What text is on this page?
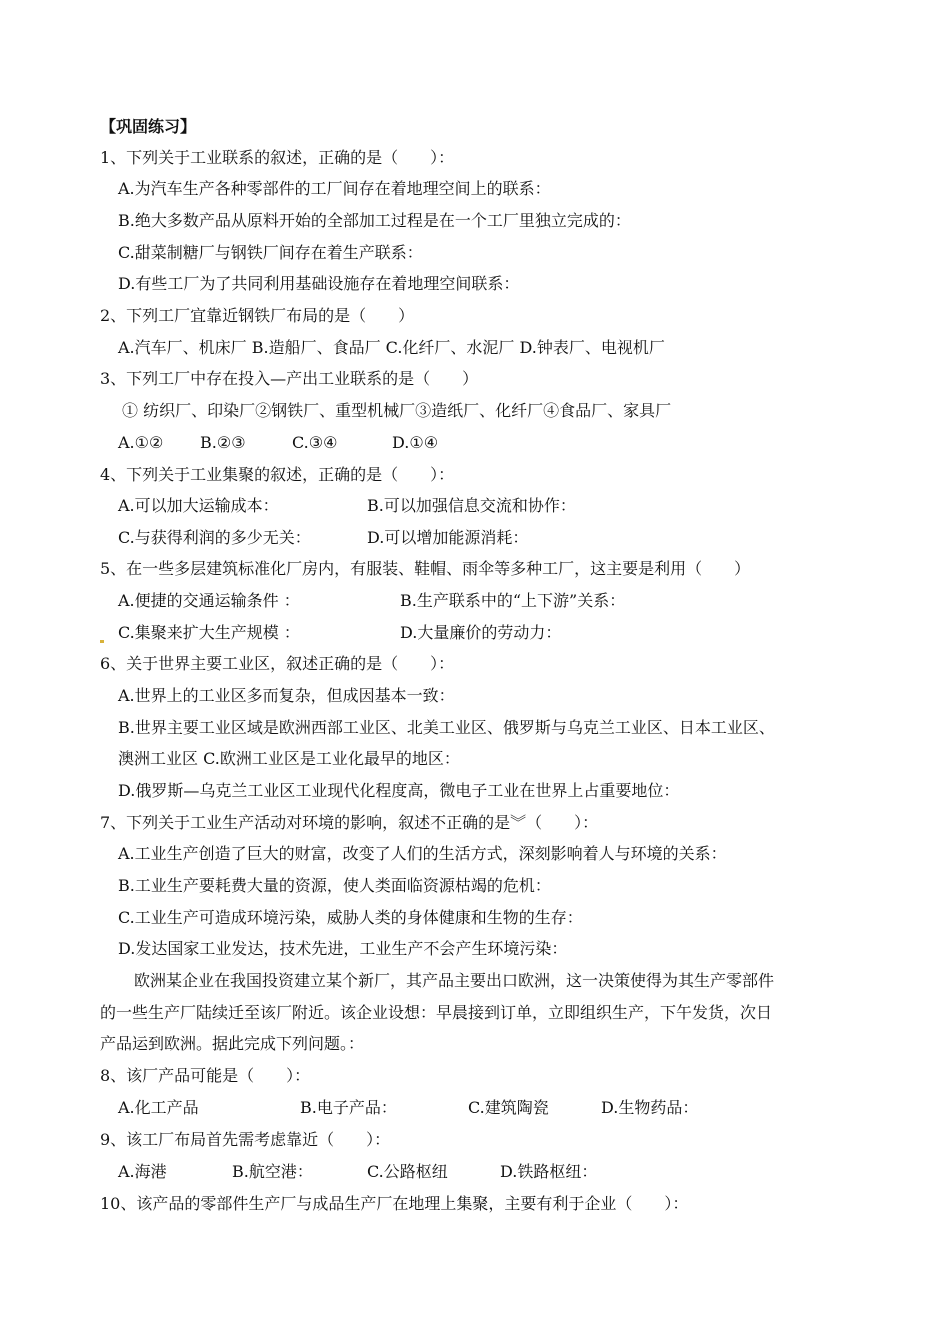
【巩固练习】
1、下列关于工业联系的叙述，正确的是（　　）：
A.为汽车生产各种零部件的工厂间存在着地理空间上的联系：
B.绝大多数产品从原料开始的全部加工过程是在一个工厂里独立完成的：
C.甜菜制糖厂与钢铁厂间存在着生产联系：
D.有些工厂为了共同利用基础设施存在着地理空间联系：
2、下列工厂宜靠近钢铁厂布局的是（　　）
A.汽车厂、机床厂 B.造船厂、食品厂 C.化纤厂、水泥厂 D.钟表厂、电视机厂
3、下列工厂中存在投入—产出工业联系的是（　　）
① 纺织厂、印染厂②钢铁厂、重型机械厂③造纸厂、化纤厂④食品厂、家具厂
A.①② B.②③	C.③④	D.①④
4、下列关于工业集聚的叙述，正确的是（　　）：
A.可以加大运输成本：	B.可以加强信息交流和协作：
C.与获得利润的多少无关：	D.可以增加能源消耗：
5、在一些多层建筑标准化厂房内，有服装、鞋帽、雨伞等多种工厂，这主要是利用（　　）
A.便捷的交通运输条件 ：	B.生产联系中的“上下游”关系：
C.集聚来扩大生产规模 ：	D.大量廉价的劳动力：
6、关于世界主要工业区，叙述正确的是（　　）：
A.世界上的工业区多而复杂，但成因基本一致：
B.世界主要工业区域是欧洲西部工业区、北美工业区、俄罗斯与乌克兰工业区、日本工业区、
澳洲工业区 C.欧洲工业区是工业化最早的地区：
D.俄罗斯—乌克兰工业区工业现代化程度高，微电子工业在世界上占重要地位：
7、下列关于工业生产活动对环境的影响，叙述不正确的是︾（　　）：
A.工业生产创造了巨大的财富，改变了人们的生活方式，深刻影响着人与环境的关系：
B.工业生产要耗费大量的资源，使人类面临资源枯竭的危机：
C.工业生产可造成环境污染，威胁人类的身体健康和生物的生存：
D.发达国家工业发达，技术先进，工业生产不会产生环境污染：
欧洲某企业在我国投资建立某个新厂，其产品主要出口欧洲，这一决策使得为其生产零部件
的一些生产厂陆续迁至该厂附近。该企业设想：早晨接到订单，立即组织生产，下午发货，次日
产品运到欧洲。据此完成下列问题。：
8、该厂产品可能是（　　）：
A.化工产品	B.电子产品：	C.建筑陶瓷	D.生物药品：
9、该工厂布局首先需考虑靠近（　　）：
A.海港	B.航空港：	C.公路枢纽	D.铁路枢纽：
10、该产品的零部件生产厂与成品生产厂在地理上集聚，主要有利于企业（　　）：
